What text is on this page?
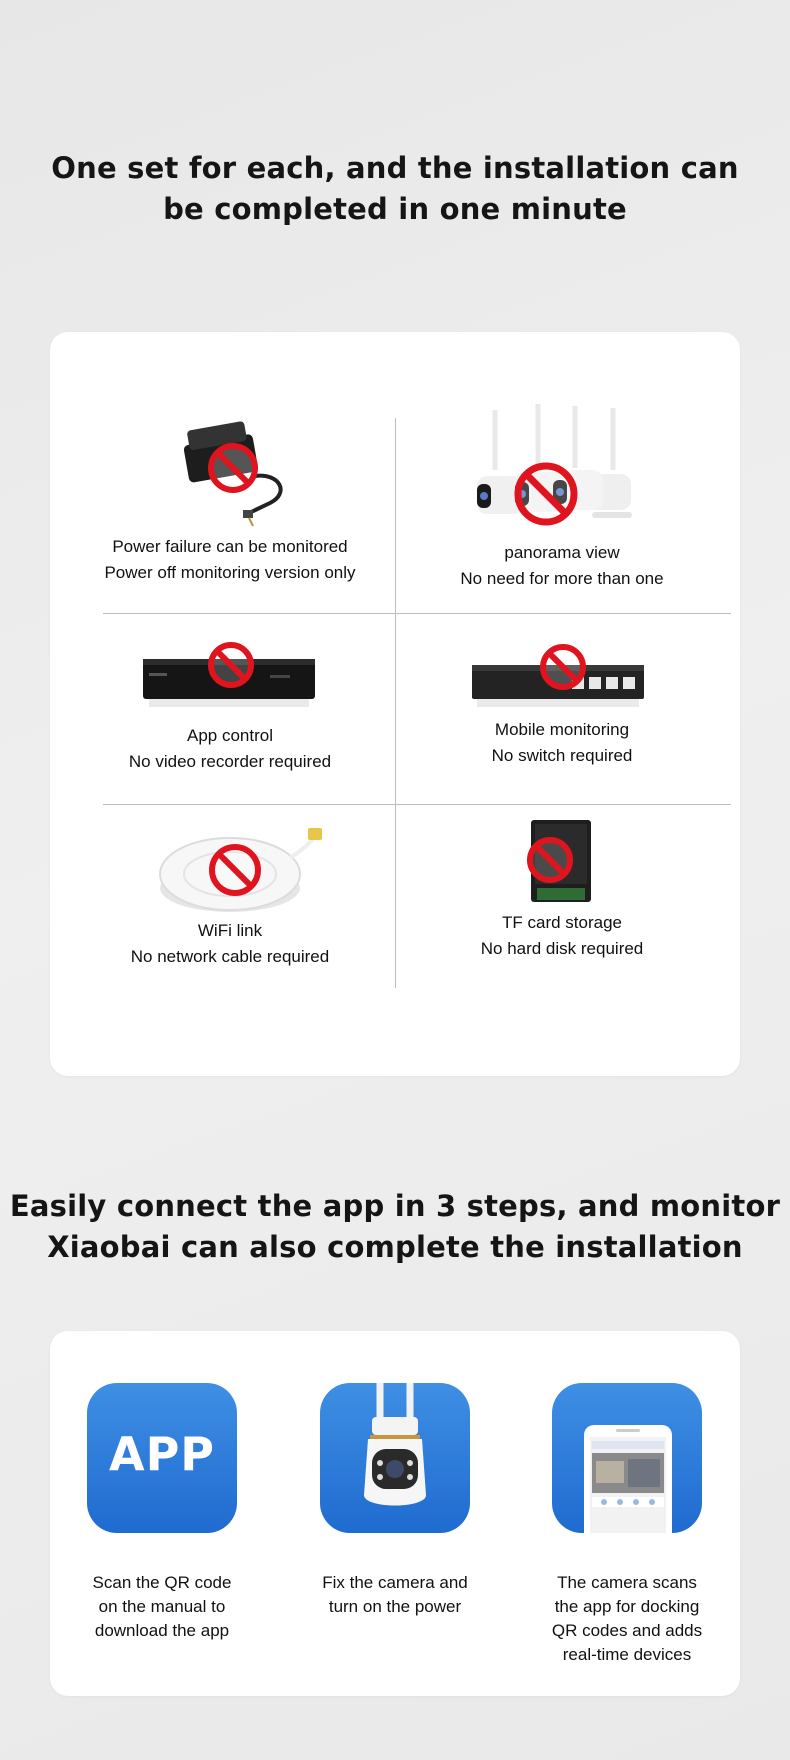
One set for each, and the installation can
be completed in one minute
Power failure can be monitored
Power off monitoring version only
panorama view
No need for more than one
App control
No video recorder required
Mobile monitoring
No switch required
WiFi link
No network cable required
TF card storage
No hard disk required
Easily connect the app in 3 steps, and monitor
Xiaobai can also complete the installation
APP
Scan the QR code
on the manual to
download the app
Fix the camera and
turn on the power
The camera scans
the app for docking
QR codes and adds
real-time devices
